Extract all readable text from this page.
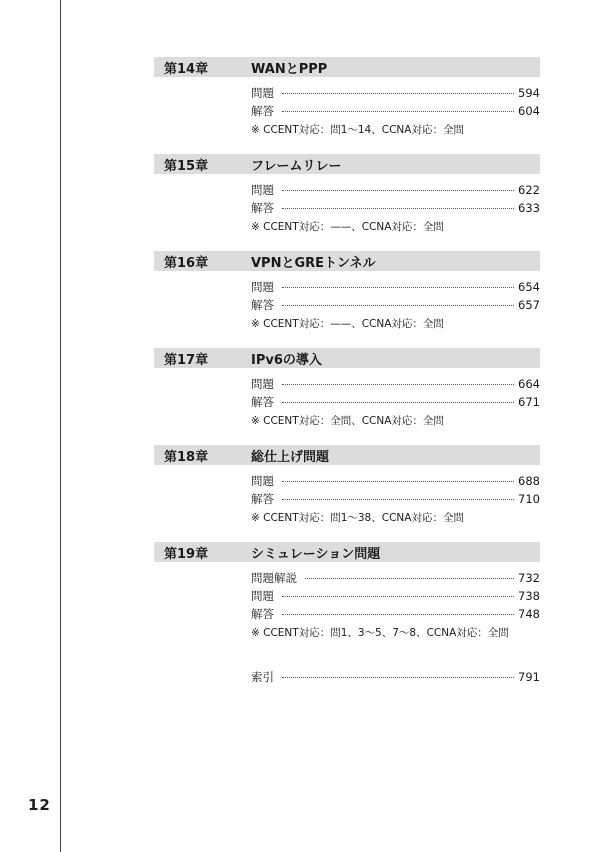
第14章	WANとPPP
問題	594
解答	604
※ CCENT対応：問1〜14、CCNA対応：全問
第15章	フレームリレー
問題	622
解答	633
※ CCENT対応：——、CCNA対応：全問
第16章	VPNとGREトンネル
問題	654
解答	657
※ CCENT対応：——、CCNA対応：全問
第17章	IPv6の導入
問題	664
解答	671
※ CCENT対応：全問、CCNA対応：全問
第18章	総仕上げ問題
問題	688
解答	710
※ CCENT対応：問1〜38、CCNA対応：全問
第19章	シミュレーション問題
問題解説	732
問題	738
解答	748
※ CCENT対応：問1、3〜5、7〜8、CCNA対応：全問
索引	791
12
